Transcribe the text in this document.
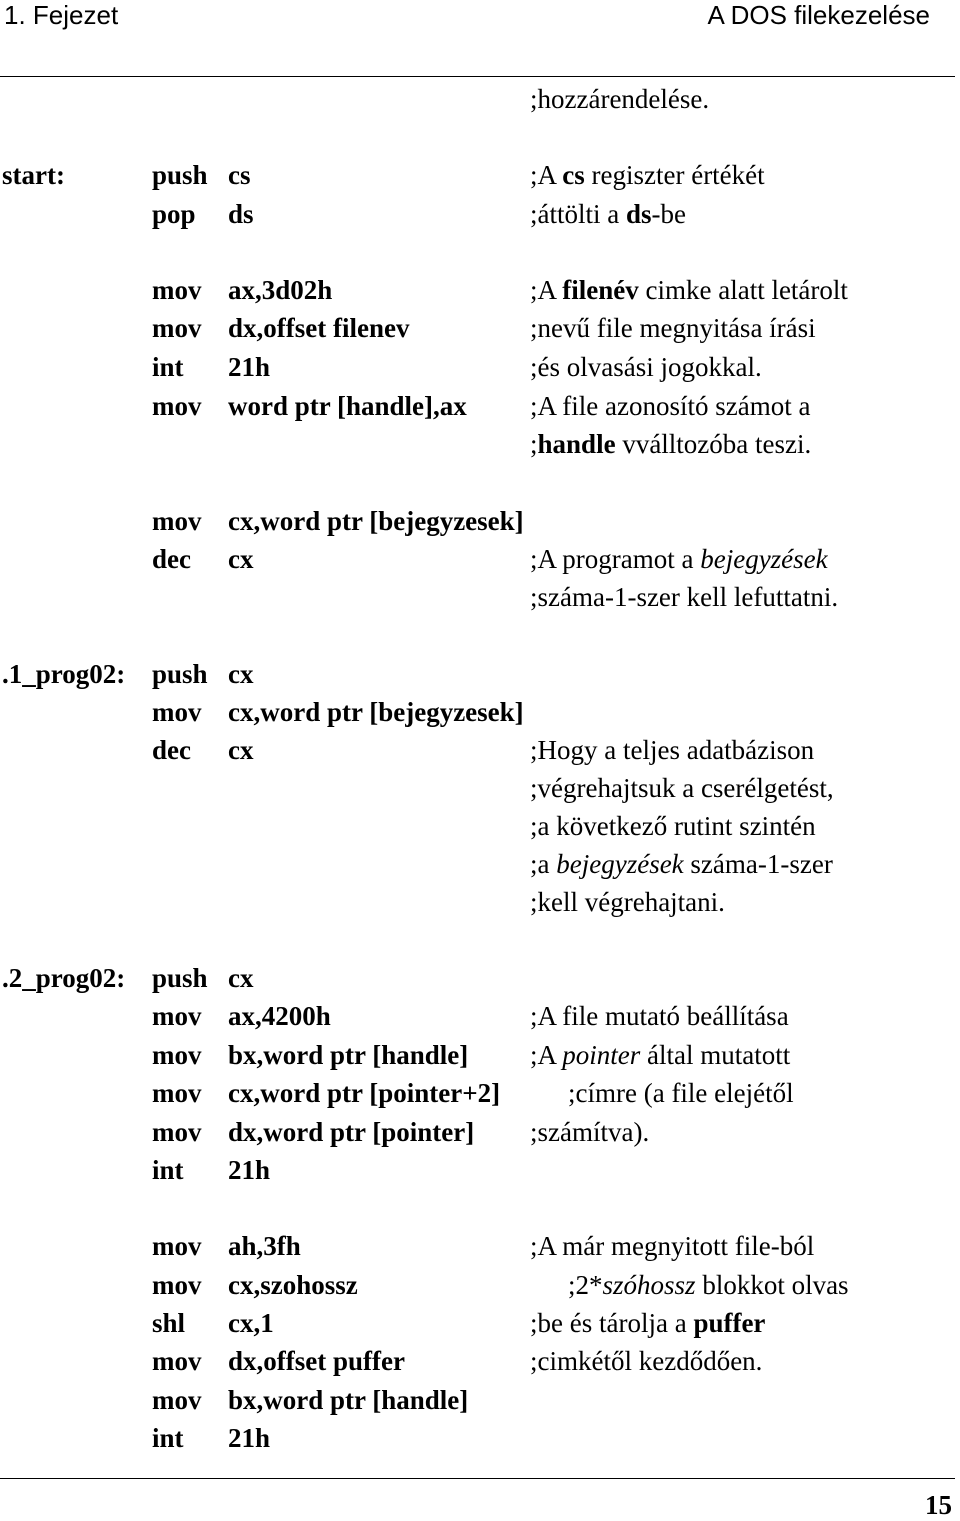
1. Fejezet	A DOS filekezelése
;hozzárendelése.
start:	push cs	;A cs regiszter értékét
pop ds	;áttölti a ds-be
mov ax,3d02h	;A filenév cimke alatt letárolt
mov dx,offset filenev	;nevű file megnyitása írási
int 21h	;és olvasási jogokkal.
mov word ptr [handle],ax ;A file azonosító számot a
;handle vválltozóba teszi.
mov cx,word ptr [bejegyzesek]
dec cx	;A programot a bejegyzések
;száma-1-szer kell lefuttatni.
.1_prog02: push cx
mov cx,word ptr [bejegyzesek]
dec cx	;Hogy a teljes adatbázison
;végrehajtsuk a cserélgetést,
;a következő rutint szintén
;a bejegyzések száma-1-szer
;kell végrehajtani.
.2_prog02: push cx
mov ax,4200h	;A file mutató beállítása
mov bx,word ptr [handle] ;A pointer által mutatott
mov cx,word ptr [pointer+2]	;címre (a file elejétől
mov dx,word ptr [pointer] ;számítva).
int 21h
mov ah,3fh	;A már megnyitott file-ból
mov cx,szohossz	;2*szóhossz blokkot olvas
shl cx,1	;be és tárolja a puffer
mov dx,offset puffer	;cimkétől kezdődően.
mov bx,word ptr [handle]
int 21h
15
